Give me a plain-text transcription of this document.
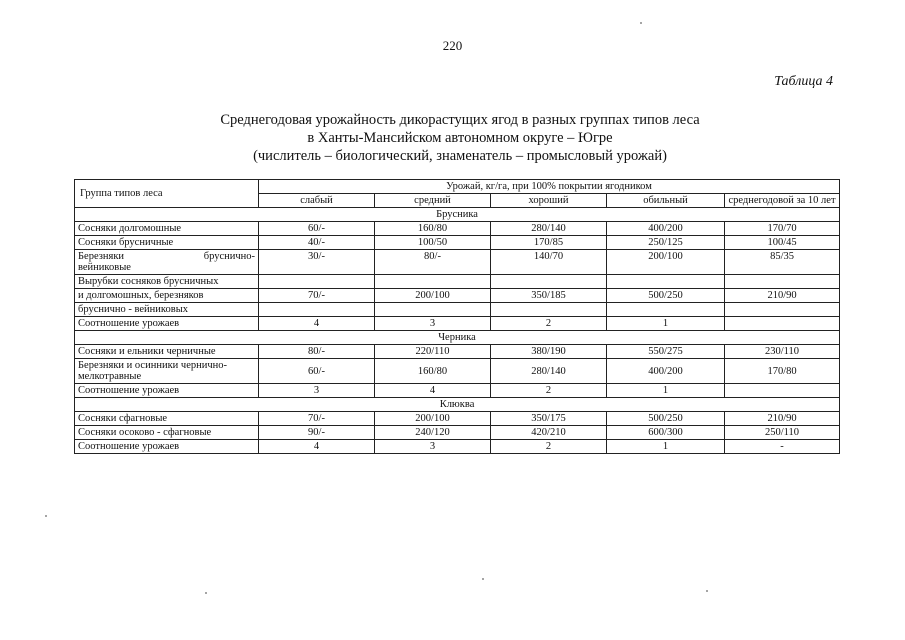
220
Таблица 4
Среднегодовая урожайность дикорастущих ягод в разных группах типов леса
в Ханты-Мансийском автономном округе – Югре
(числитель – биологический, знаменатель – промысловый урожай)
Группа типов леса	Урожай, кг/га, при 100% покрытии ягодником				
	слабый	средний	хороший	обильный	среднегодовой за 10 лет
Брусника					
Сосняки долгомошные	60/-	160/80	280/140	400/200	170/70
Сосняки брусничные	40/-	100/50	170/85	250/125	100/45

Березняки бруснично-
вейниковые	30/-	80/-	140/70	200/100	85/35
Вырубки сосняков брусничных					
и долгомошных, березняков	70/-	200/100	350/185	500/250	210/90
бруснично - вейниковых					
Соотношение урожаев	4	3	2	1	
Черника					
Сосняки и ельники черничные	80/-	220/110	380/190	550/275	230/110

Березняки и осинники чернично-
мелкотравные	60/-	160/80	280/140	400/200	170/80
Соотношение урожаев	3	4	2	1	
Клюква					
Сосняки сфагновые	70/-	200/100	350/175	500/250	210/90
Сосняки осоково - сфагновые	90/-	240/120	420/210	600/300	250/110
Соотношение урожаев	4	3	2	1	-
